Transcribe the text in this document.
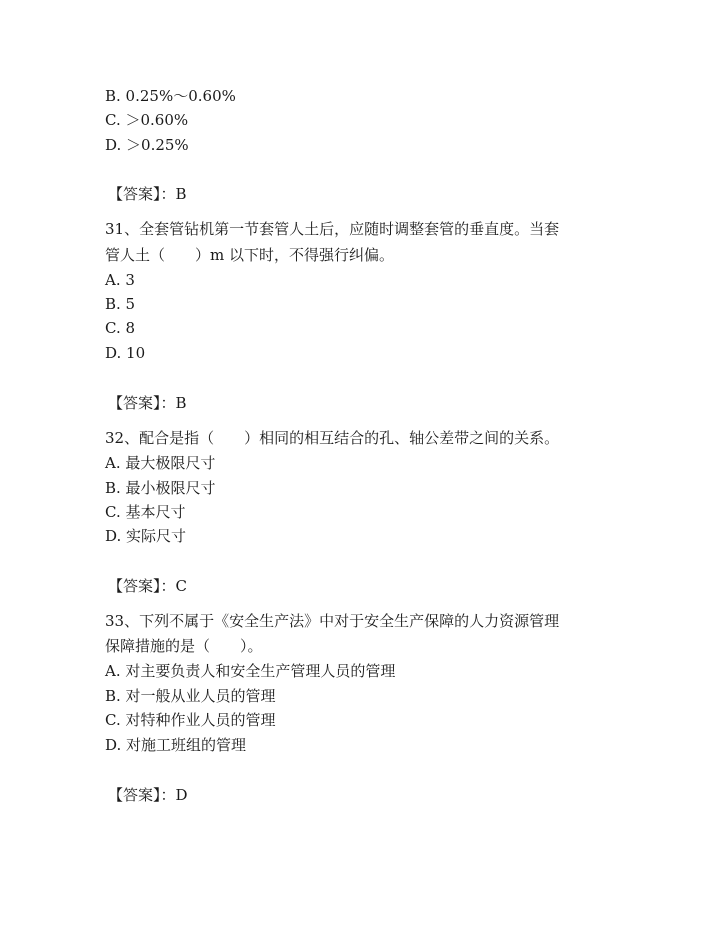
B. 0.25%～0.60%
C. ＞0.60%
D. ＞0.25%
【答案】：B
31、全套管钻机第一节套管人土后，应随时调整套管的垂直度。当套
管人土（　　）m 以下时，不得强行纠偏。
A. 3
B. 5
C. 8
D. 10
【答案】：B
32、配合是指（　　）相同的相互结合的孔、轴公差带之间的关系。
A. 最大极限尺寸
B. 最小极限尺寸
C. 基本尺寸
D. 实际尺寸
【答案】：C
33、下列不属于《安全生产法》中对于安全生产保障的人力资源管理
保障措施的是（　　）。
A. 对主要负责人和安全生产管理人员的管理
B. 对一般从业人员的管理
C. 对特种作业人员的管理
D. 对施工班组的管理
【答案】：D
